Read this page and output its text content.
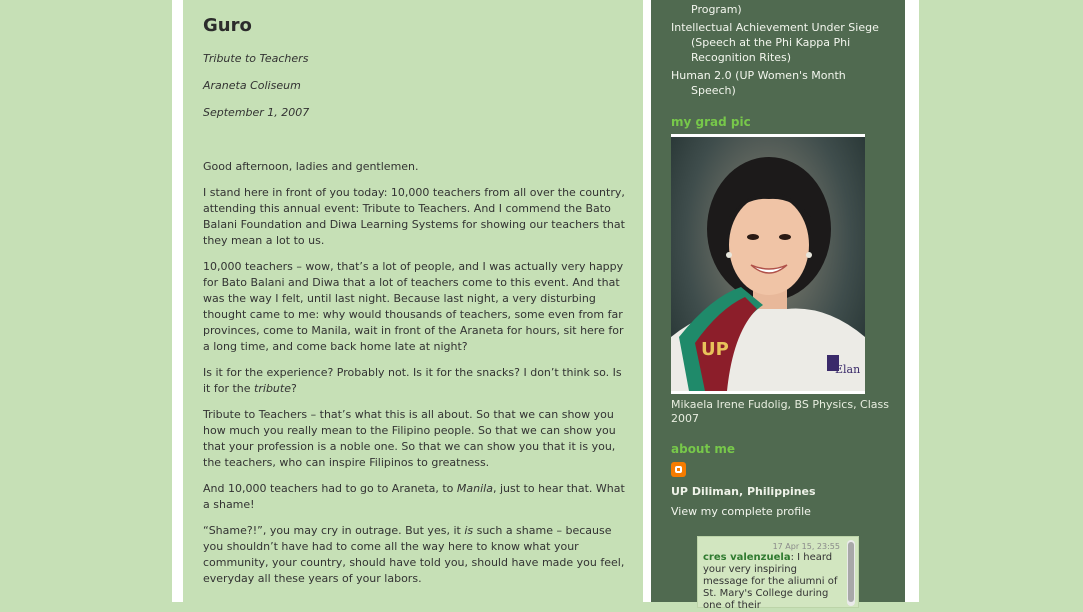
Guro

Tribute to Teachers

Araneta Coliseum

September 1, 2007

Good afternoon, ladies and gentlemen.

I stand here in front of you today: 10,000 teachers from all over the country, attending this annual event: Tribute to Teachers. And I commend the Bato Balani Foundation and Diwa Learning Systems for showing our teachers that they mean a lot to us.

10,000 teachers – wow, that’s a lot of people, and I was actually very happy for Bato Balani and Diwa that a lot of teachers come to this event. And that was the way I felt, until last night. Because last night, a very disturbing thought came to me: why would thousands of teachers, some even from far provinces, come to Manila, wait in front of the Araneta for hours, sit here for a long time, and come back home late at night?

Is it for the experience? Probably not. Is it for the snacks? I don’t think so. Is it for the tribute?

Tribute to Teachers – that’s what this is all about. So that we can show you how much you really mean to the Filipino people. So that we can show you that your profession is a noble one. So that we can show you that it is you, the teachers, who can inspire Filipinos to greatness.

And 10,000 teachers had to go to Araneta, to Manila, just to hear that. What a shame!

“Shame?!”, you may cry in outrage. But yes, it is such a shame – because you shouldn’t have had to come all the way here to know what your community, your country, should have told you, should have made you feel, everyday all these years of your labors.

Program)
Intellectual Achievement Under Siege (Speech at the Phi Kappa Phi Recognition Rites)
Human 2.0 (UP Women's Month Speech)
my grad pic
UP
Elan
Mikaela Irene Fudolig, BS Physics, Class 2007
about me
UP Diliman, Philippines
View my complete profile
17 Apr 15, 23:55
cres valenzuela: I heard your very inspiring message for the aliumni of St. Mary's College during one of their
